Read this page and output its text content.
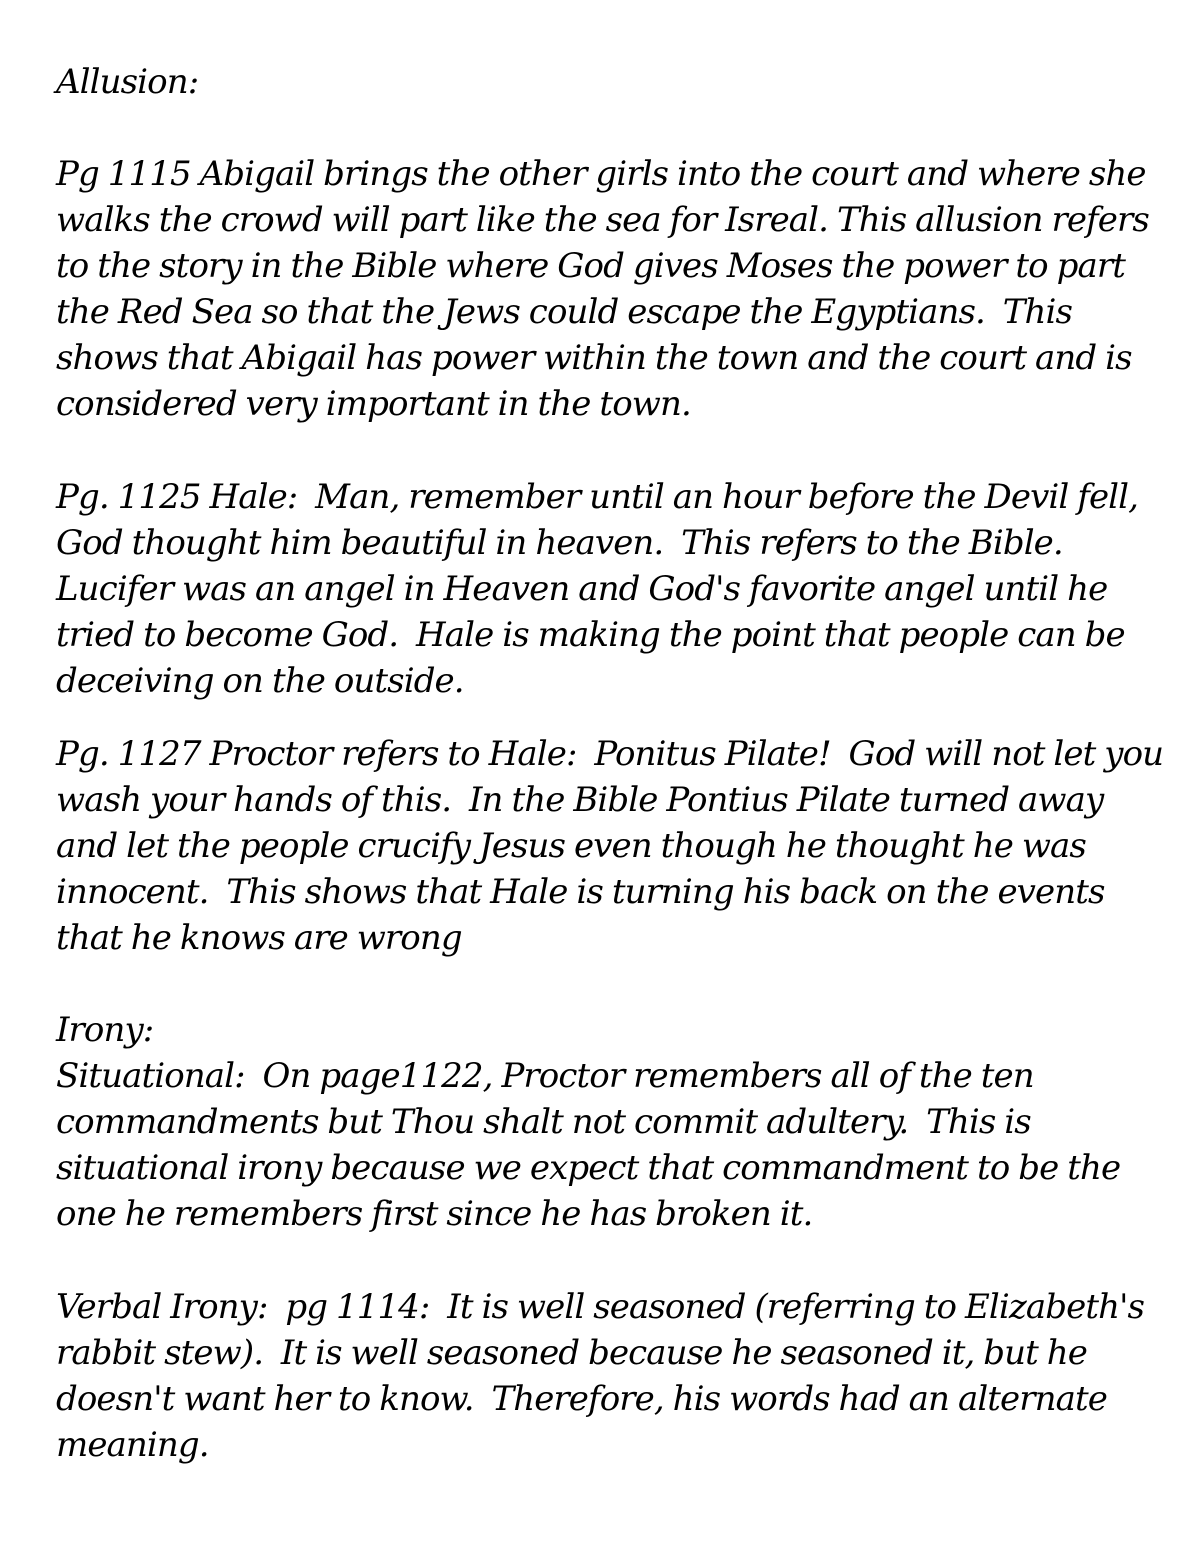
Allusion:

Pg 1115 Abigail brings the other girls into the court and where she walks the crowd will part like the sea for Isreal. This allusion refers to the story in the Bible where God gives Moses the power to part the Red Sea so that the Jews could escape the Egyptians.  This shows that Abigail has power within the town and the court and is considered very important in the town.

Pg. 1125 Hale:  Man, remember until an hour before the Devil fell, God thought him beautiful in heaven.  This refers to the Bible. Lucifer was an angel in Heaven and God's favorite angel until he tried to become God.  Hale is making the point that people can be deceiving on the outside.

Pg. 1127 Proctor refers to Hale:  Ponitus Pilate!  God will not let you wash your hands of this.  In the Bible Pontius Pilate turned away and let the people crucify Jesus even though he thought he was innocent.  This shows that Hale is turning his back on the events that he knows are wrong

Irony:

Situational:  On page1122, Proctor remembers all of the ten commandments but Thou shalt not commit adultery.  This is situational irony because we expect that commandment to be the one he remembers first since he has broken it.

Verbal Irony:  pg 1114:  It is well seasoned (referring to Elizabeth's rabbit stew).  It is well seasoned because he seasoned it, but he doesn't want her to know.  Therefore, his words had an alternate meaning.
